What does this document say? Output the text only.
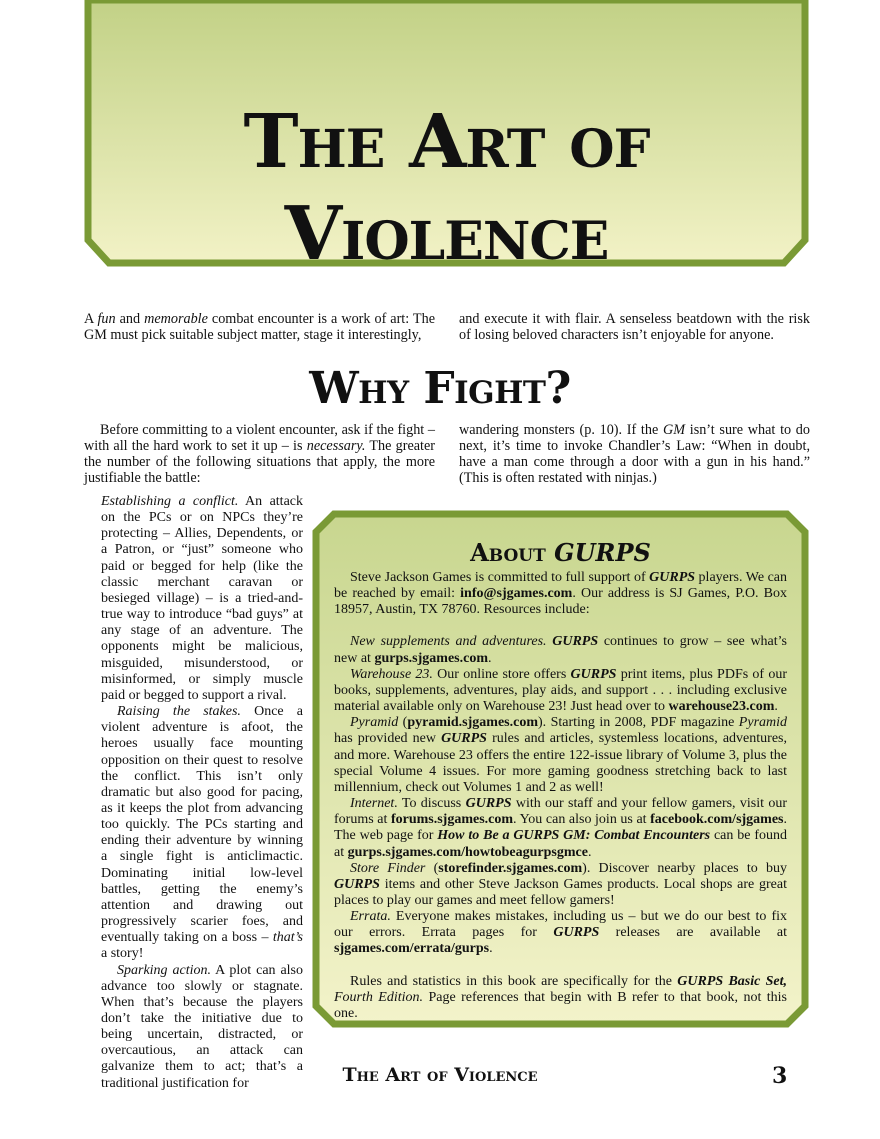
The Art of
Violence

A fun and memorable combat encounter is a work of art: The GM must pick suitable subject matter, stage it interestingly,

and execute it with flair. A senseless beatdown with the risk of losing beloved characters isn’t enjoyable for anyone.

Why Fight?

Before committing to a violent encounter, ask if the fight – with all the hard work to set it up – is necessary. The greater the number of the following situations that apply, the more justifiable the battle:

wandering monsters (p. 10). If the GM isn’t sure what to do next, it’s time to invoke Chandler’s Law: “When in doubt, have a man come through a door with a gun in his hand.” (This is often restated with ninjas.)

Establishing a conflict. An attack on the PCs or on NPCs they’re protecting – Allies, Dependents, or a Patron, or “just” someone who paid or begged for help (like the classic merchant caravan or besieged village) – is a tried-and-true way to introduce “bad guys” at any stage of an adventure. The opponents might be malicious, misguided, misunderstood, or misinformed, or simply muscle paid or begged to support a rival.

Raising the stakes. Once a violent adventure is afoot, the heroes usually face mounting opposition on their quest to resolve the conflict. This isn’t only dramatic but also good for pacing, as it keeps the plot from advancing too quickly. The PCs starting and ending their adventure by winning a single fight is anticlimactic. Dominating initial low-level battles, getting the enemy’s attention and drawing out progressively scarier foes, and eventually taking on a boss – that’s a story!

Sparking action. A plot can also advance too slowly or stagnate. When that’s because the players don’t take the initiative due to being uncertain, distracted, or overcautious, an attack can galvanize them to act; that’s a traditional justification for

About GURPS

Steve Jackson Games is committed to full support of GURPS players. We can be reached by email: info@sjgames.com. Our address is SJ Games, P.O. Box 18957, Austin, TX 78760. Resources include:

New supplements and adventures. GURPS continues to grow – see what’s new at gurps.sjgames.com.

Warehouse 23. Our online store offers GURPS print items, plus PDFs of our books, supplements, adventures, play aids, and support . . . including exclusive material available only on Warehouse 23! Just head over to warehouse23.com.

Pyramid (pyramid.sjgames.com). Starting in 2008, PDF magazine Pyramid has provided new GURPS rules and articles, systemless locations, adventures, and more. Warehouse 23 offers the entire 122-issue library of Volume 3, plus the special Volume 4 issues. For more gaming goodness stretching back to last millennium, check out Volumes 1 and 2 as well!

Internet. To discuss GURPS with our staff and your fellow gamers, visit our forums at forums.sjgames.com. You can also join us at facebook.com/sjgames. The web page for How to Be a GURPS GM: Combat Encounters can be found at gurps.sjgames.com/howtobeagurpsgmce.

Store Finder (storefinder.sjgames.com). Discover nearby places to buy GURPS items and other Steve Jackson Games products. Local shops are great places to play our games and meet fellow gamers!

Errata. Everyone makes mistakes, including us – but we do our best to fix our errors. Errata pages for GURPS releases are available at sjgames.com/errata/gurps.

Rules and statistics in this book are specifically for the GURPS Basic Set, Fourth Edition. Page references that begin with B refer to that book, not this one.

The Art of Violence	3
